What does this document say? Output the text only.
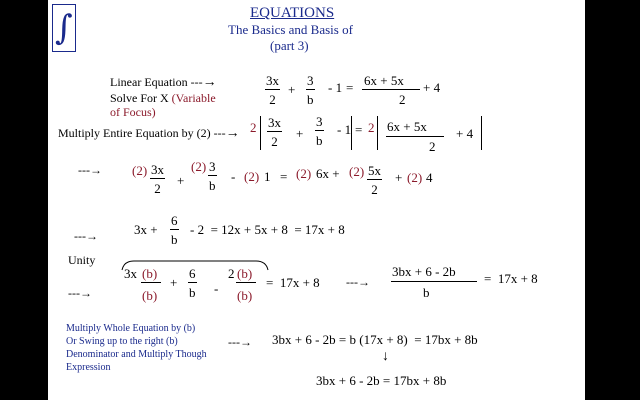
∫	EQUATIONS
The Basics and Basis of
(part 3)
Linear Equation ---→
Solve For X (Variable
of Focus)
$\frac{3x}{2} + \frac{3}{b} - 1 = 6x + 5x$
2
+ 4
Multiply Entire Equation by (2) ---→ $2 \frac{3x}{2} + \frac{3}{b} - 1 = 2$ 6x + 5x
2
+ 4
---→ $(2) \frac{3x}{2}$ +
$(2) \frac{3}{b} - (2) 1 = (2) 6x + (2) \frac{5x}{2} + (2)$ 4
---→	$3x + \frac{6}{b} - 2 = 12x + 5x + 8 = 17x + 8$
Unity
---→
3x (b)
(b)
+ $\frac{6}{b}$ -
2 (b)
(b)
=  17x + 8 ---→
3bx + 6 - 2b
b
=  17x + 8
Multiply Whole Equation by (b)
Or Swing up to the right (b)
Denominator and Multiply Though
Expression
---→ 3bx + 6 - 2b = b (17x + 8)  = 17bx + 8b
↓
3bx + 6 - 2b = 17bx + 8b
